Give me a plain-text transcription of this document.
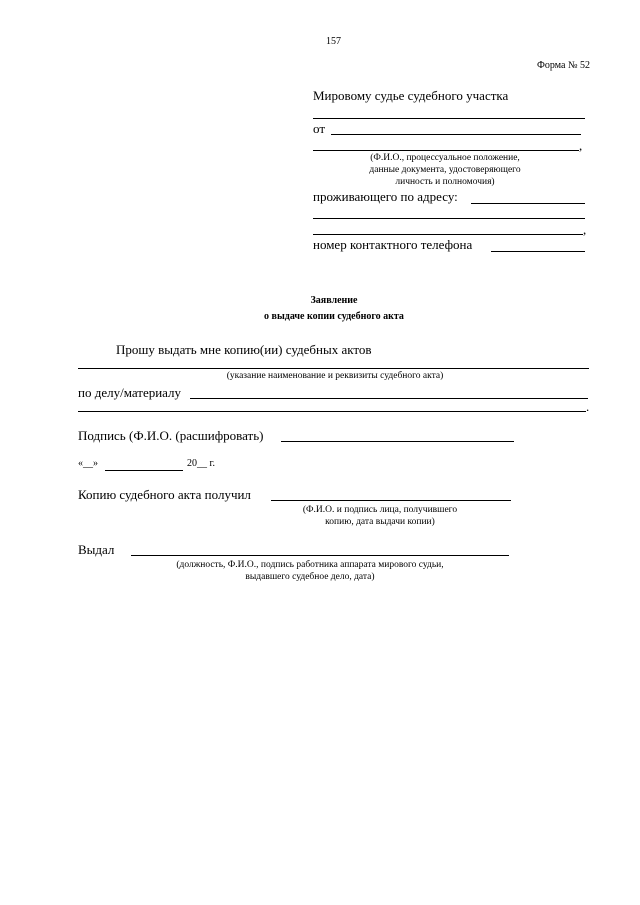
157
Форма № 52
Мировому судье судебного участка
от
,
(Ф.И.О., процессуальное положение,
данные документа, удостоверяющего
личность и полномочия)
проживающего по адресу:
,
номер контактного телефона
Заявление
о выдаче копии судебного акта
Прошу выдать мне копию(ии) судебных актов
(указание наименование и реквизиты судебного акта)
по делу/материалу
.
Подпись (Ф.И.О. (расшифровать)
«__»	20__ г.
Копию судебного акта получил
(Ф.И.О. и подпись лица, получившего
копию, дата выдачи копии)
Выдал
(должность, Ф.И.О., подпись работника аппарата мирового судьи,
выдавшего судебное дело, дата)
